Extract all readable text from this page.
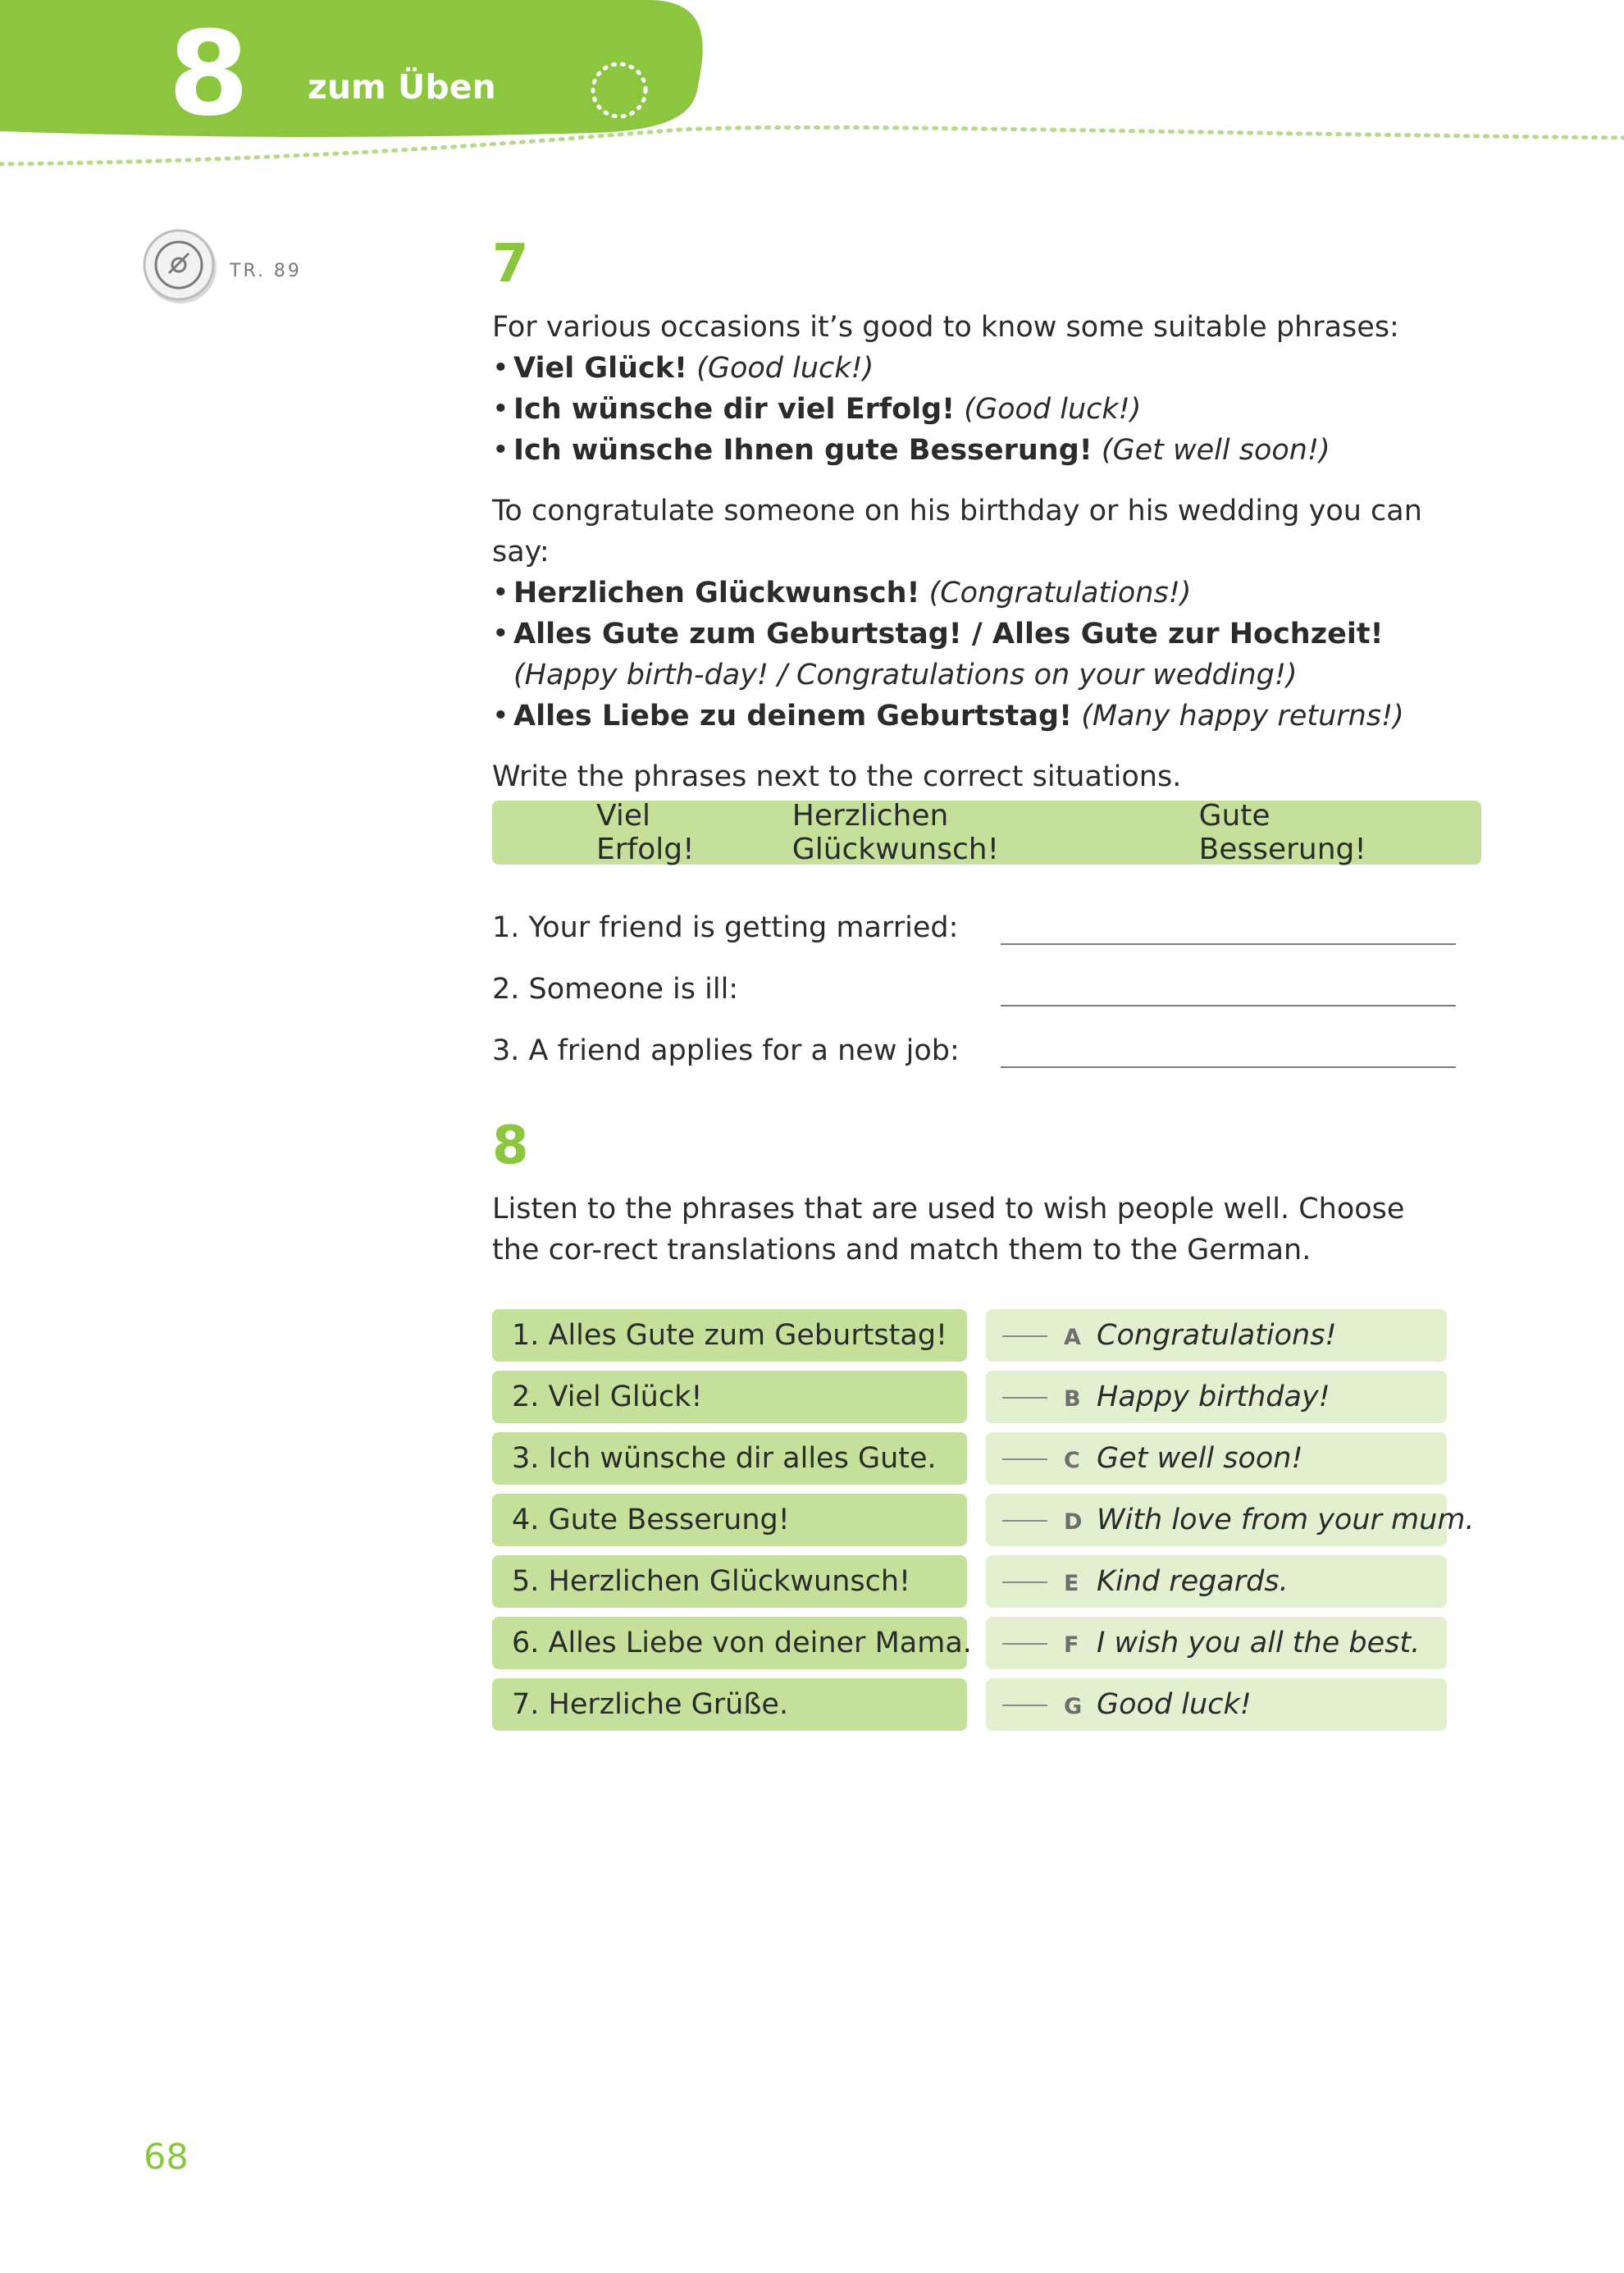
8 zum Üben
TR. 89	7

For various occasions it’s good to know some suitable phrases:

• Viel Glück! (Good luck!)
• Ich wünsche dir viel Erfolg! (Good luck!)
• Ich wünsche Ihnen gute Besserung! (Get well soon!)

To congratulate someone on his birthday or his wedding you can say:

• Herzlichen Glückwunsch! (Congratulations!)
• Alles Gute zum Geburtstag! / Alles Gute zur Hochzeit! (Happy birth-day! / Congratulations on your wedding!)
• Alles Liebe zu deinem Geburtstag! (Many happy returns!)

Write the phrases next to the correct situations.

Viel Erfolg!
Herzlichen Glückwunsch!
Gute Besserung!
1. Your friend is getting married:
2. Someone is ill:
3. A friend applies for a new job:
8

Listen to the phrases that are used to wish people well. Choose the cor-rect translations and match them to the German.

1. Alles Gute zum Geburtstag!
2. Viel Glück!
3. Ich wünsche dir alles Gute.
4. Gute Besserung!
5. Herzlichen Glückwunsch!
6. Alles Liebe von deiner Mama.
7. Herzliche Grüße.
A Congratulations!
B Happy birthday!
C Get well soon!
D With love from your mum.
E Kind regards.
F I wish you all the best.
G Good luck!
68
